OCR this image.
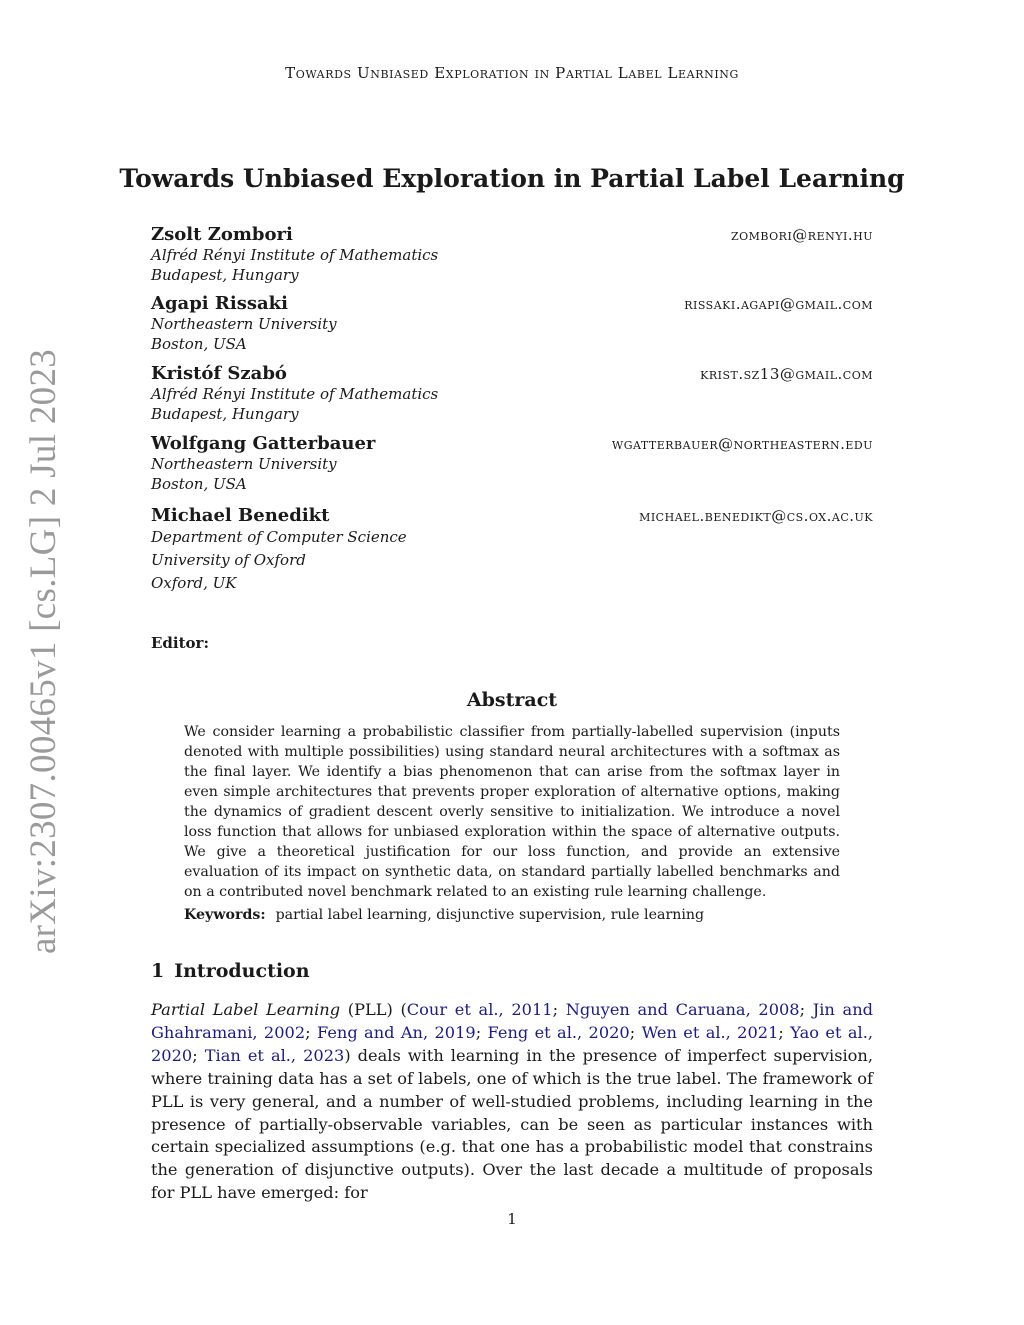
Towards Unbiased Exploration in Partial Label Learning
arXiv:2307.00465v1 [cs.LG] 2 Jul 2023
Towards Unbiased Exploration in Partial Label Learning
Zsolt Zombori	zombori@renyi.hu
Alfréd Rényi Institute of Mathematics
Budapest, Hungary
Agapi Rissaki	rissaki.agapi@gmail.com
Northeastern University
Boston, USA
Kristóf Szabó	krist.sz13@gmail.com
Alfréd Rényi Institute of Mathematics
Budapest, Hungary
Wolfgang Gatterbauer	wgatterbauer@northeastern.edu
Northeastern University
Boston, USA
Michael Benedikt	michael.benedikt@cs.ox.ac.uk
Department of Computer Science
University of Oxford
Oxford, UK
Editor:
Abstract
We consider learning a probabilistic classifier from partially-labelled supervision (inputs denoted with multiple possibilities) using standard neural architectures with a softmax as the final layer. We identify a bias phenomenon that can arise from the softmax layer in even simple architectures that prevents proper exploration of alternative options, making the dynamics of gradient descent overly sensitive to initialization. We introduce a novel loss function that allows for unbiased exploration within the space of alternative outputs. We give a theoretical justification for our loss function, and provide an extensive evaluation of its impact on synthetic data, on standard partially labelled benchmarks and on a contributed novel benchmark related to an existing rule learning challenge.
Keywords: partial label learning, disjunctive supervision, rule learning
1 Introduction
Partial Label Learning (PLL) (Cour et al., 2011; Nguyen and Caruana, 2008; Jin and Ghahramani, 2002; Feng and An, 2019; Feng et al., 2020; Wen et al., 2021; Yao et al., 2020; Tian et al., 2023) deals with learning in the presence of imperfect supervision, where training data has a set of labels, one of which is the true label. The framework of PLL is very general, and a number of well-studied problems, including learning in the presence of partially-observable variables, can be seen as particular instances with certain specialized assumptions (e.g. that one has a probabilistic model that constrains the generation of disjunctive outputs). Over the last decade a multitude of proposals for PLL have emerged: for
1
